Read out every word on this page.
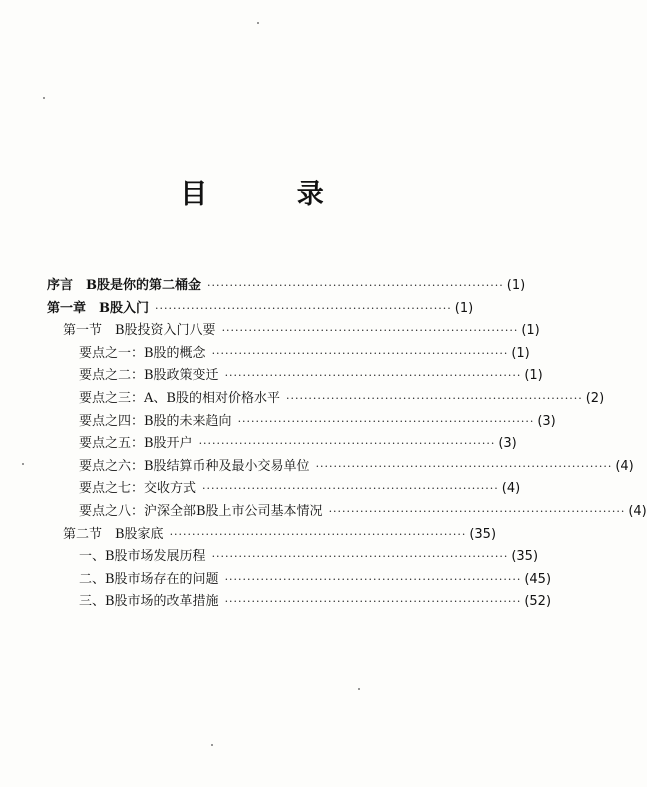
目 录
序言　B股是你的第二桶金 ·································································· (1)
第一章　B股入门 ·································································· (1)
第一节　B股投资入门八要 ·································································· (1)
要点之一：B股的概念 ·································································· (1)
要点之二：B股政策变迁 ·································································· (1)
要点之三：A、B股的相对价格水平 ·································································· (2)
要点之四：B股的未来趋向 ·································································· (3)
要点之五：B股开户 ·································································· (3)
要点之六：B股结算币种及最小交易单位 ·································································· (4)
要点之七：交收方式 ·································································· (4)
要点之八：沪深全部B股上市公司基本情况 ·································································· (4)
第二节　B股家底 ·································································· (35)
一、B股市场发展历程 ·································································· (35)
二、B股市场存在的问题 ·································································· (45)
三、B股市场的改革措施 ·································································· (52)
